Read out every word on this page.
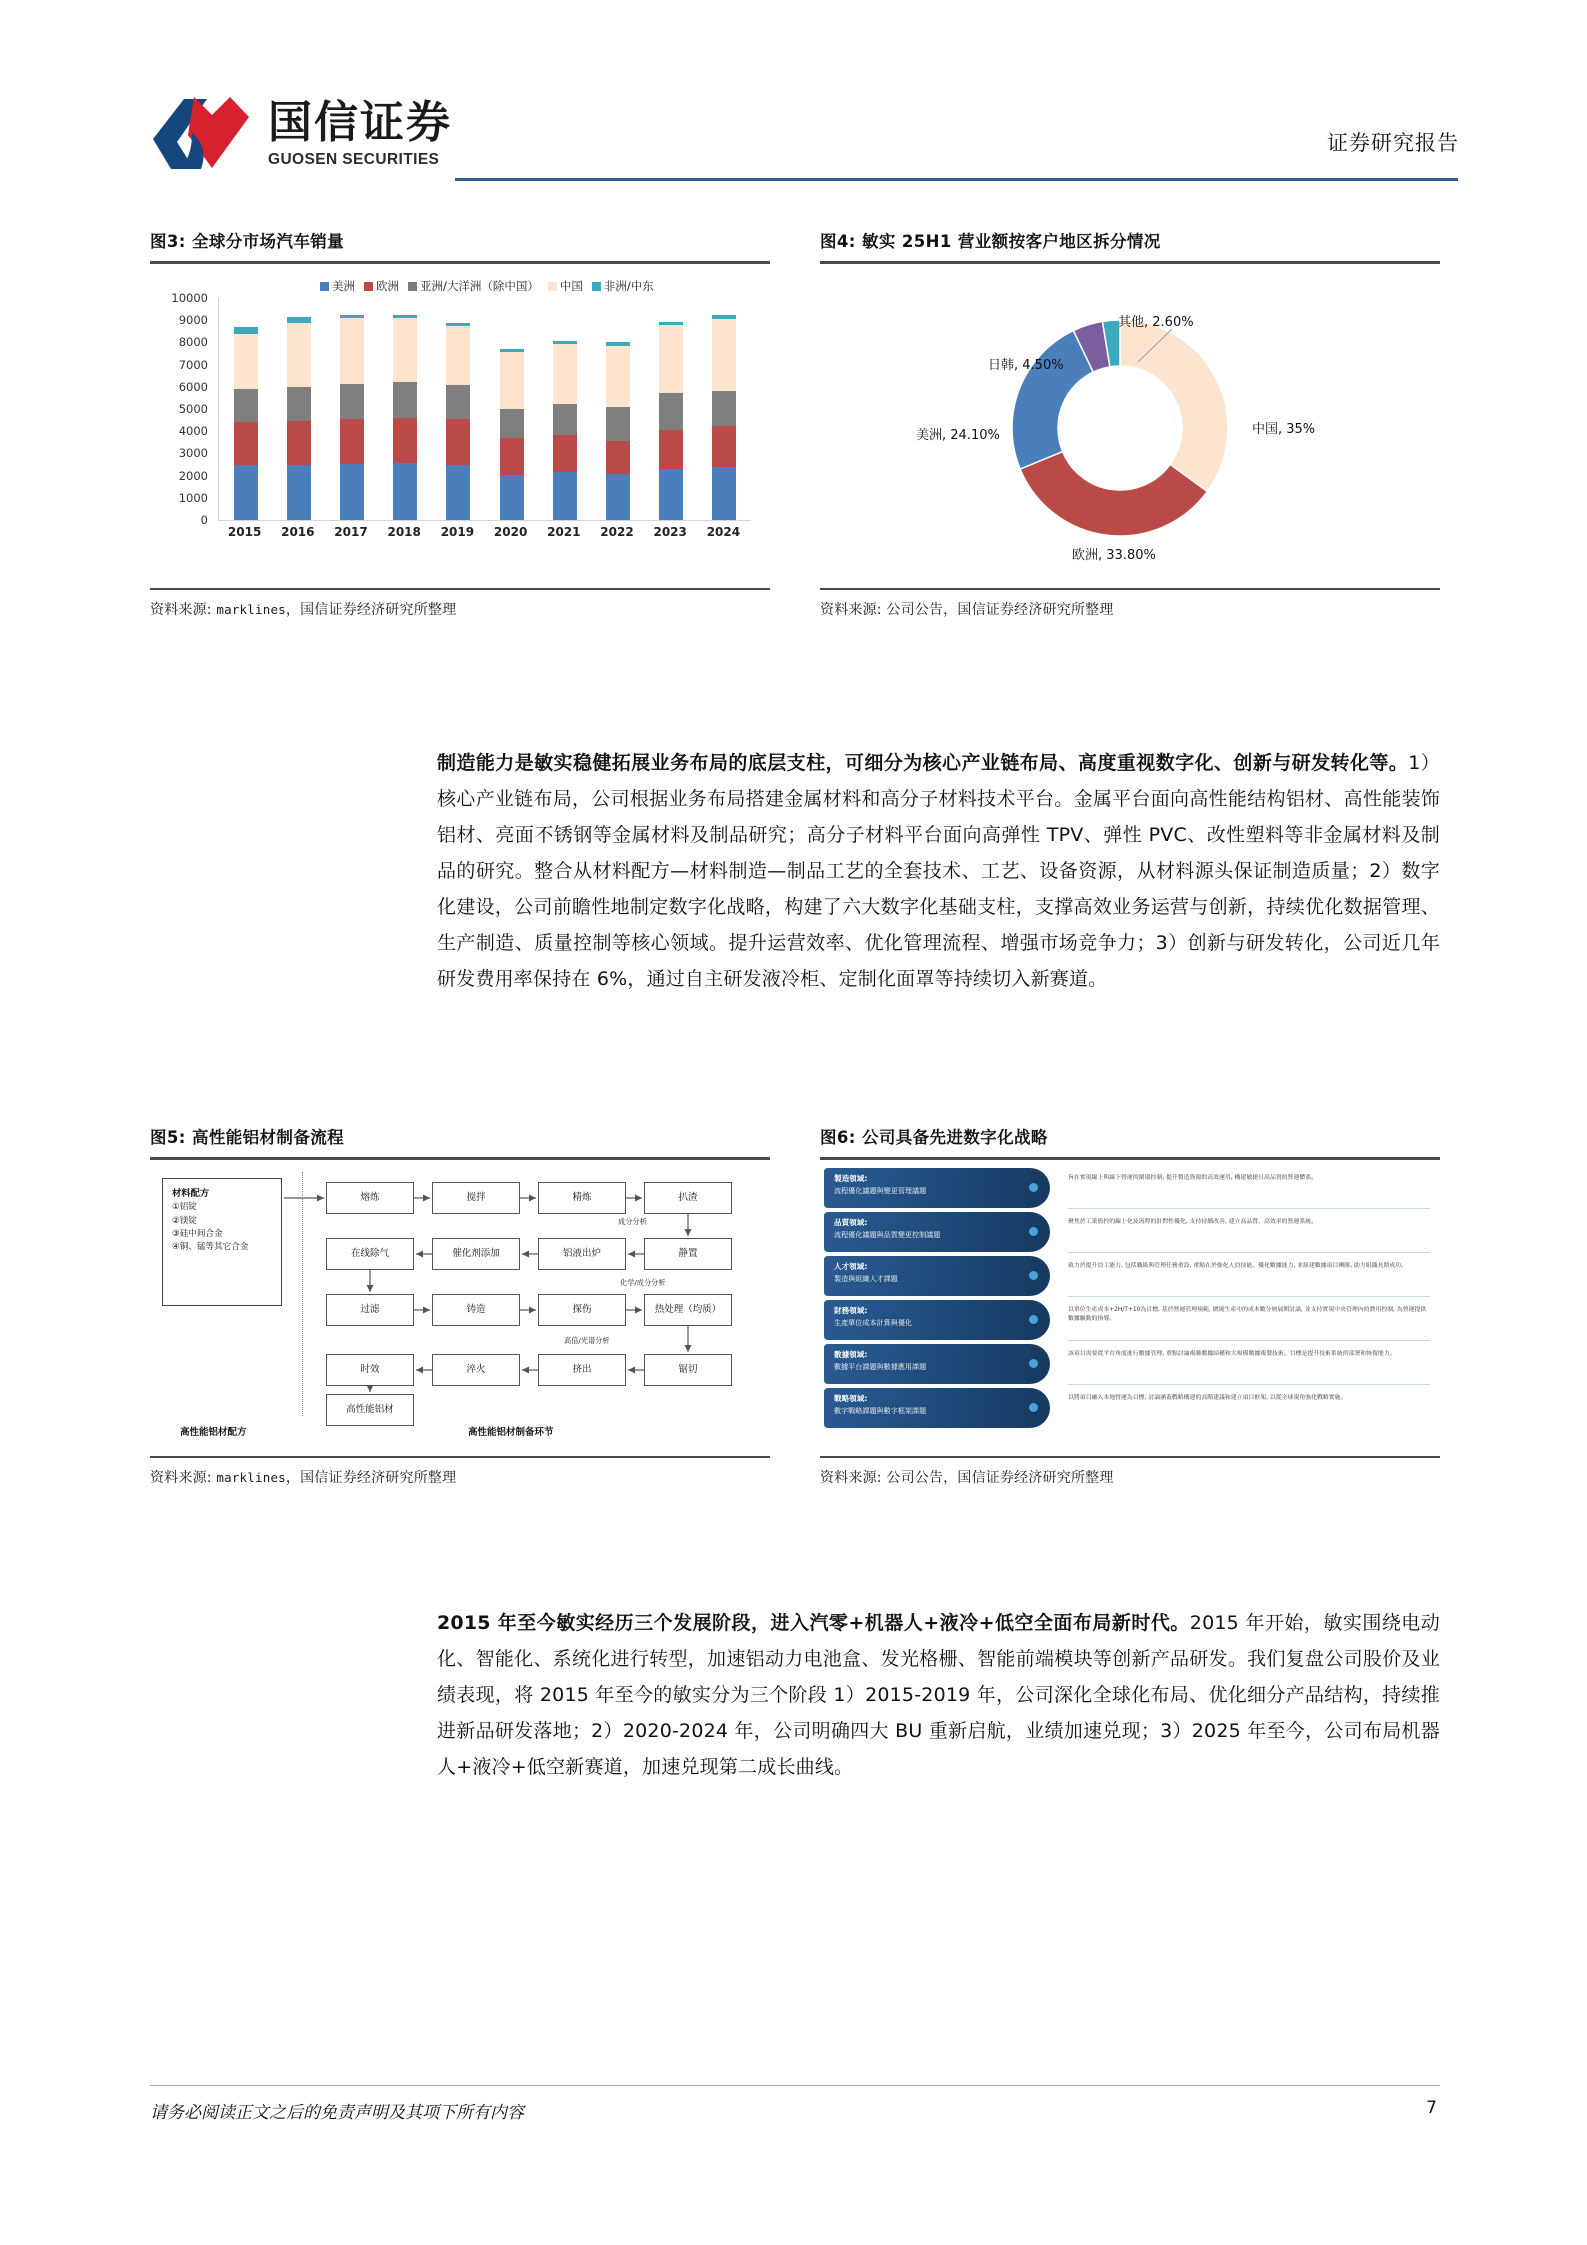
国信证券
GUOSEN SECURITIES
证券研究报告
图3: 全球分市场汽车销量
美洲 欧洲 亚洲/大洋洲（除中国） 中国 非洲/中东
0
1000
2000
3000
4000
5000
6000
7000
8000
9000
10000
2015 2016 2017 2018 2019 2020 2021 2022 2023 2024
资料来源: marklines，国信证券经济研究所整理
图4: 敏实 25H1 营业额按客户地区拆分情况
中国, 35%
欧洲, 33.80%
美洲, 24.10%
日韩, 4.50%
其他, 2.60%
资料来源: 公司公告，国信证券经济研究所整理
制造能力是敏实稳健拓展业务布局的底层支柱，可细分为核心产业链布局、高度重视数字化、创新与研发转化等。1）核心产业链布局，公司根据业务布局搭建金属材料和高分子材料技术平台。金属平台面向高性能结构铝材、高性能装饰铝材、亮面不锈钢等金属材料及制品研究；高分子材料平台面向高弹性 TPV、弹性 PVC、改性塑料等非金属材料及制品的研究。整合从材料配方—材料制造—制品工艺的全套技术、工艺、设备资源，从材料源头保证制造质量；2）数字化建设，公司前瞻性地制定数字化战略，构建了六大数字化基础支柱，支撑高效业务运营与创新，持续优化数据管理、生产制造、质量控制等核心领域。提升运营效率、优化管理流程、增强市场竞争力；3）创新与研发转化，公司近几年研发费用率保持在 6%，通过自主研发液冷柜、定制化面罩等持续切入新赛道。
图5: 高性能铝材制备流程
材料配方
①铝锭
②镁锭
③硅中间合金
④铜、锰等其它合金
熔炼	搅拌	精炼	扒渣
在线除气	催化剂添加	铝液出炉	静置
过滤	铸造	探伤	热处理（均质）
时效	淬火	挤出	锯切
高性能铝材
高性能铝材配方	高性能铝材制备环节
成分分析
化学/成分分析
高倍/光谱分析
资料来源: marklines，国信证券经济研究所整理
图6: 公司具备先进数字化战略
製造領域:
流程優化議題與變更管理議題
旨在實現線上與線下營運的閉環控制, 提升製造資源的高效運用, 構建敏捷且高品質的營運體系。
品質領域:
流程優化議題與品質變更控制議題
聚焦於工業監控的線上化及流程的針對性優化, 支持持續改善, 建立高品質、高效率的營運系統。
人才領域:
製造與組織人才課題
致力於提升員工能力, 包括職級與管理任務重設, 重點在於強化人員技能、優化數據能力, 並組建數據項目團隊, 助力組織長期成功。
財務領域:
生產單位成本計算與優化
以單位生產成本+2H/T+10為目標, 基於營運管理規範, 圍繞生產中的成本數分層展開討論, 並支持實現中央管理內的費用控制, 為營運提供數據驅動的指導。
數據領域:
數據平台課題與數據應用課題
該項目需要從平台角度進行數據管理, 重點討論複雜數據結構和大規模數據複製技術。目標是提升技術系統的部署和恢復能力。
戰略領域:
數字戰略課題與數字框架課題
以將項目融入本地營運為目標, 討論涵蓋戰略構建的高階建議和建立項目框架, 以從全球視角強化戰略實施。
资料来源: 公司公告，国信证券经济研究所整理
2015 年至今敏实经历三个发展阶段，进入汽零+机器人+液冷+低空全面布局新时代。2015 年开始，敏实围绕电动化、智能化、系统化进行转型，加速铝动力电池盒、发光格栅、智能前端模块等创新产品研发。我们复盘公司股价及业绩表现，将 2015 年至今的敏实分为三个阶段 1）2015-2019 年，公司深化全球化布局、优化细分产品结构，持续推进新品研发落地；2）2020-2024 年，公司明确四大 BU 重新启航，业绩加速兑现；3）2025 年至今，公司布局机器人+液冷+低空新赛道，加速兑现第二成长曲线。
请务必阅读正文之后的免责声明及其项下所有内容	7
